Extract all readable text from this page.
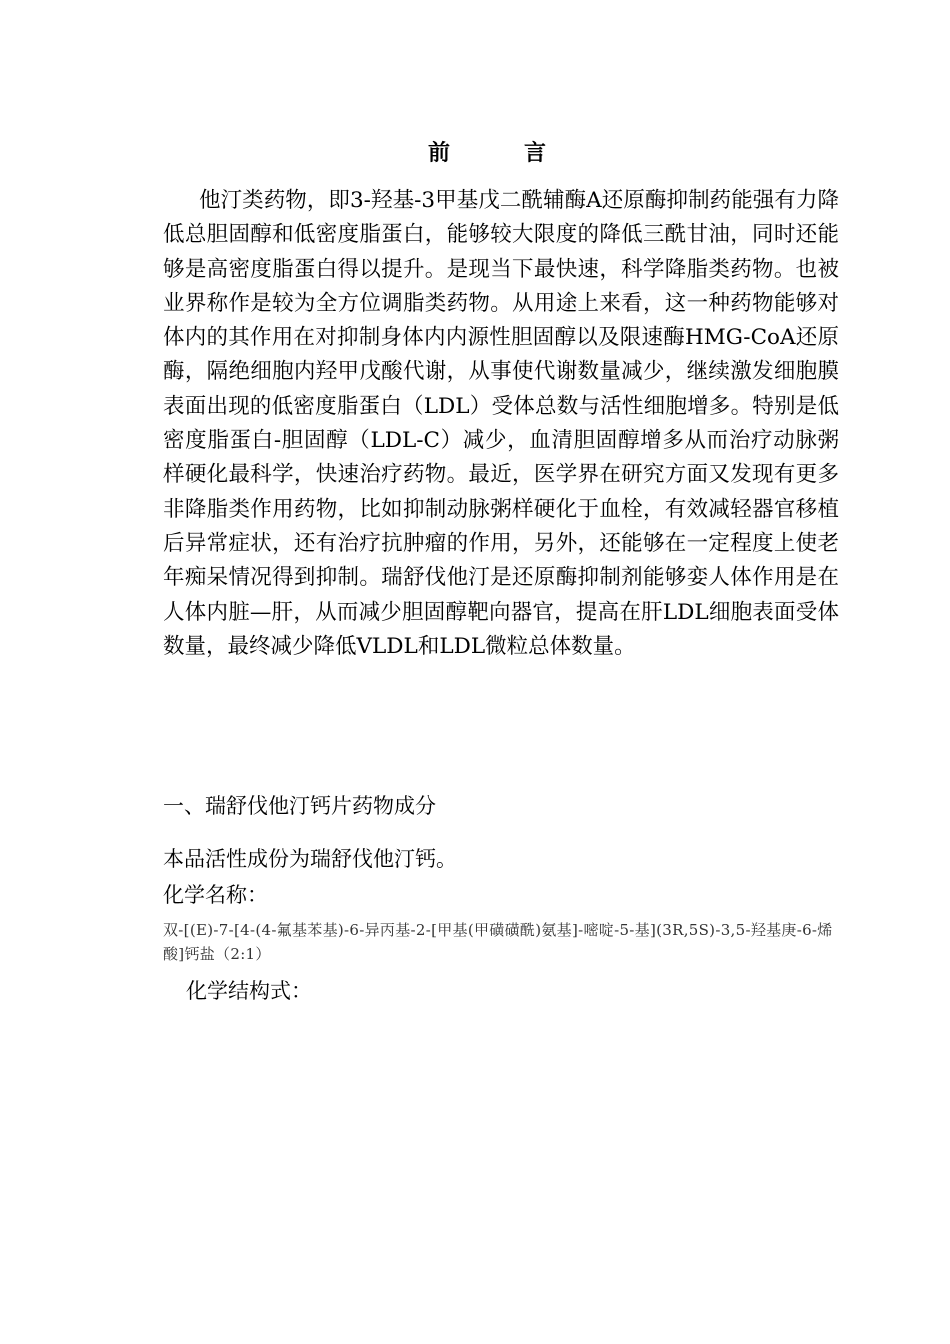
前　言

他汀类药物，即3-羟基-3甲基戊二酰辅酶A还原酶抑制药能强有力降低总胆固醇和低密度脂蛋白，能够较大限度的降低三酰甘油，同时还能够是高密度脂蛋白得以提升。是现当下最快速，科学降脂类药物。也被业界称作是较为全方位调脂类药物。从用途上来看，这一种药物能够对体内的其作用在对抑制身体内内源性胆固醇以及限速酶HMG-CoA还原酶，隔绝细胞内羟甲戊酸代谢，从事使代谢数量减少，继续激发细胞膜表面出现的低密度脂蛋白（LDL）受体总数与活性细胞增多。特别是低密度脂蛋白-胆固醇（LDL-C）减少，血清胆固醇增多从而治疗动脉粥样硬化最科学，快速治疗药物。最近，医学界在研究方面又发现有更多非降脂类作用药物，比如抑制动脉粥样硬化于血栓，有效减轻器官移植后异常症状，还有治疗抗肿瘤的作用，另外，还能够在一定程度上使老年痴呆情况得到抑制。瑞舒伐他汀是还原酶抑制剂能够娈人体作用是在人体内脏—肝，从而减少胆固醇靶向器官，提高在肝LDL细胞表面受体数量，最终减少降低VLDL和LDL微粒总体数量。

一、瑞舒伐他汀钙片药物成分

本品活性成份为瑞舒伐他汀钙。

化学名称：

双-[(E)-7-[4-(4-氟基苯基)-6-异丙基-2-[甲基(甲磺磺酰)氨基]-嘧啶-5-基](3R,5S)-3,5-羟基庚-6-烯酸]钙盐（2:1）

化学结构式：
